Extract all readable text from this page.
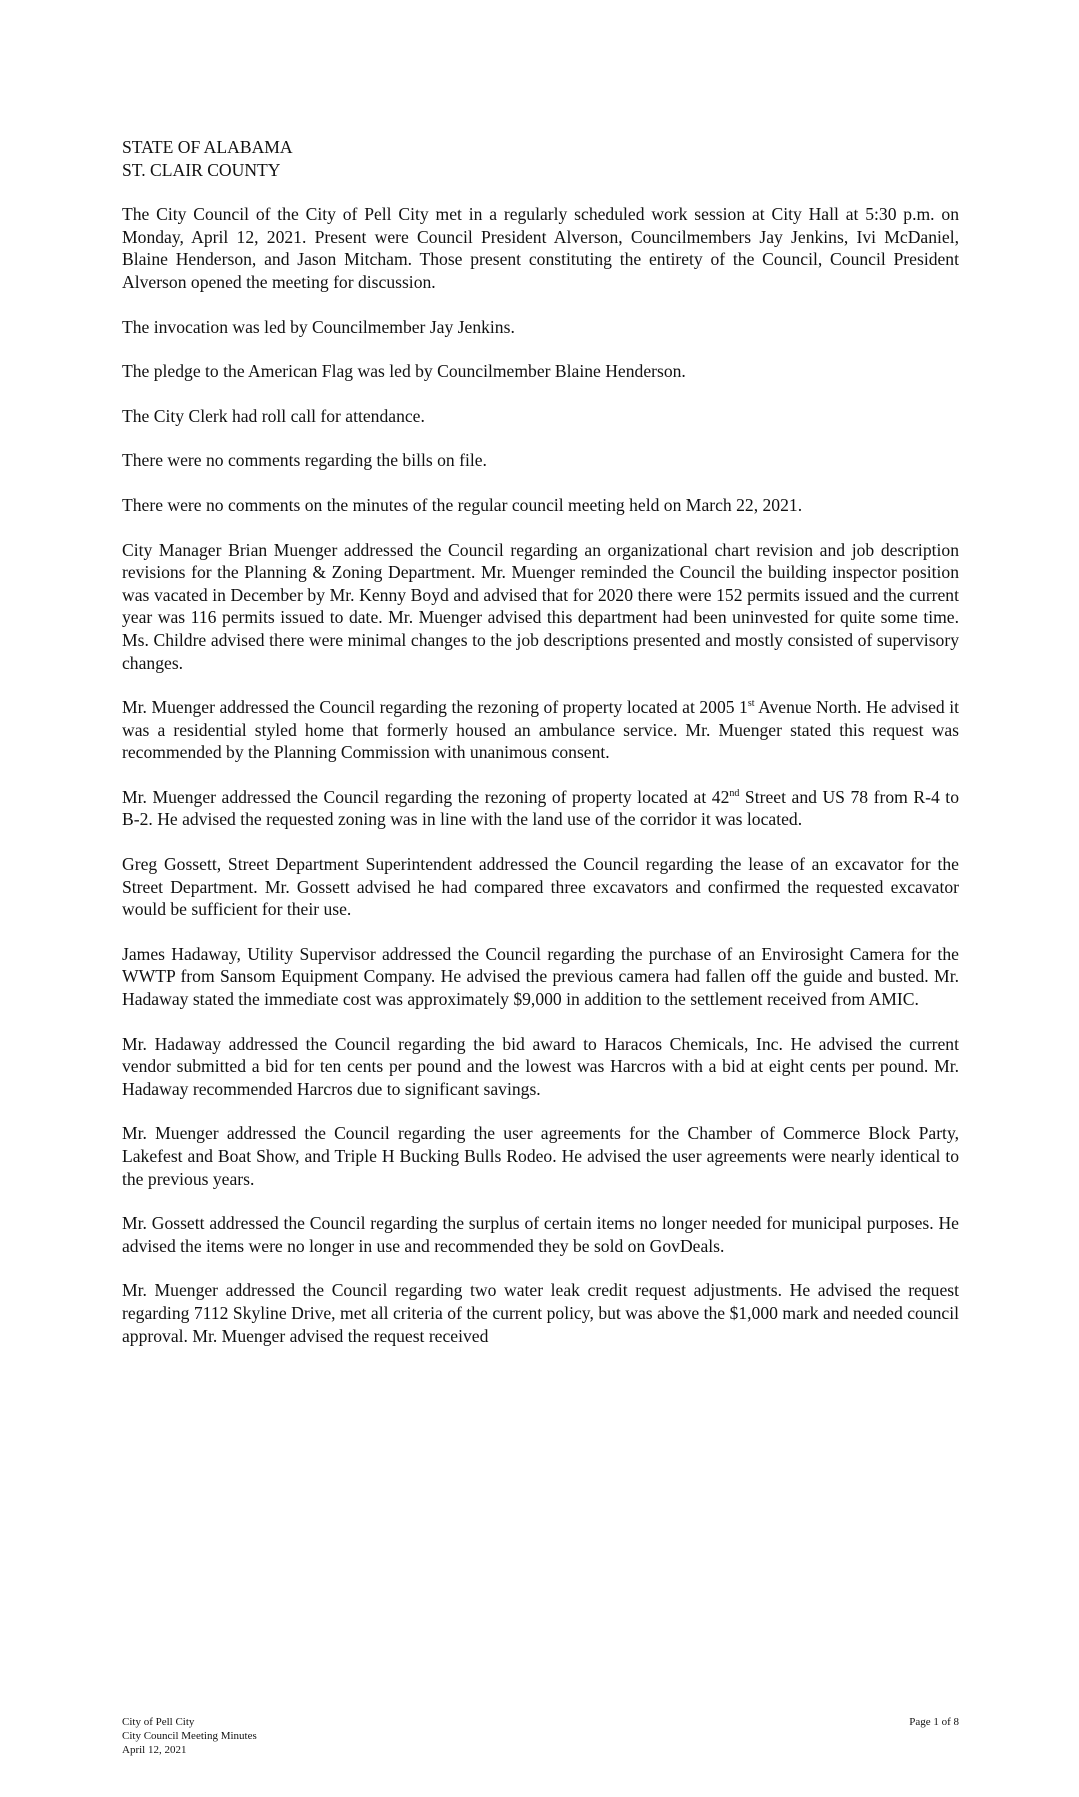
STATE OF ALABAMA
ST. CLAIR COUNTY

The City Council of the City of Pell City met in a regularly scheduled work session at City Hall at 5:30 p.m. on Monday, April 12, 2021. Present were Council President Alverson, Councilmembers Jay Jenkins, Ivi McDaniel, Blaine Henderson, and Jason Mitcham. Those present constituting the entirety of the Council, Council President Alverson opened the meeting for discussion.

The invocation was led by Councilmember Jay Jenkins.

The pledge to the American Flag was led by Councilmember Blaine Henderson.

The City Clerk had roll call for attendance.

There were no comments regarding the bills on file.

There were no comments on the minutes of the regular council meeting held on March 22, 2021.

City Manager Brian Muenger addressed the Council regarding an organizational chart revision and job description revisions for the Planning & Zoning Department. Mr. Muenger reminded the Council the building inspector position was vacated in December by Mr. Kenny Boyd and advised that for 2020 there were 152 permits issued and the current year was 116 permits issued to date. Mr. Muenger advised this department had been uninvested for quite some time. Ms. Childre advised there were minimal changes to the job descriptions presented and mostly consisted of supervisory changes.

Mr. Muenger addressed the Council regarding the rezoning of property located at 2005 1st Avenue North. He advised it was a residential styled home that formerly housed an ambulance service. Mr. Muenger stated this request was recommended by the Planning Commission with unanimous consent.

Mr. Muenger addressed the Council regarding the rezoning of property located at 42nd Street and US 78 from R-4 to B-2. He advised the requested zoning was in line with the land use of the corridor it was located.

Greg Gossett, Street Department Superintendent addressed the Council regarding the lease of an excavator for the Street Department. Mr. Gossett advised he had compared three excavators and confirmed the requested excavator would be sufficient for their use.

James Hadaway, Utility Supervisor addressed the Council regarding the purchase of an Envirosight Camera for the WWTP from Sansom Equipment Company. He advised the previous camera had fallen off the guide and busted. Mr. Hadaway stated the immediate cost was approximately $9,000 in addition to the settlement received from AMIC.

Mr. Hadaway addressed the Council regarding the bid award to Haracos Chemicals, Inc. He advised the current vendor submitted a bid for ten cents per pound and the lowest was Harcros with a bid at eight cents per pound. Mr. Hadaway recommended Harcros due to significant savings.

Mr. Muenger addressed the Council regarding the user agreements for the Chamber of Commerce Block Party, Lakefest and Boat Show, and Triple H Bucking Bulls Rodeo. He advised the user agreements were nearly identical to the previous years.

Mr. Gossett addressed the Council regarding the surplus of certain items no longer needed for municipal purposes. He advised the items were no longer in use and recommended they be sold on GovDeals.

Mr. Muenger addressed the Council regarding two water leak credit request adjustments. He advised the request regarding 7112 Skyline Drive, met all criteria of the current policy, but was above the $1,000 mark and needed council approval. Mr. Muenger advised the request received

City of Pell City
City Council Meeting Minutes
April 12, 2021
Page 1 of 8
